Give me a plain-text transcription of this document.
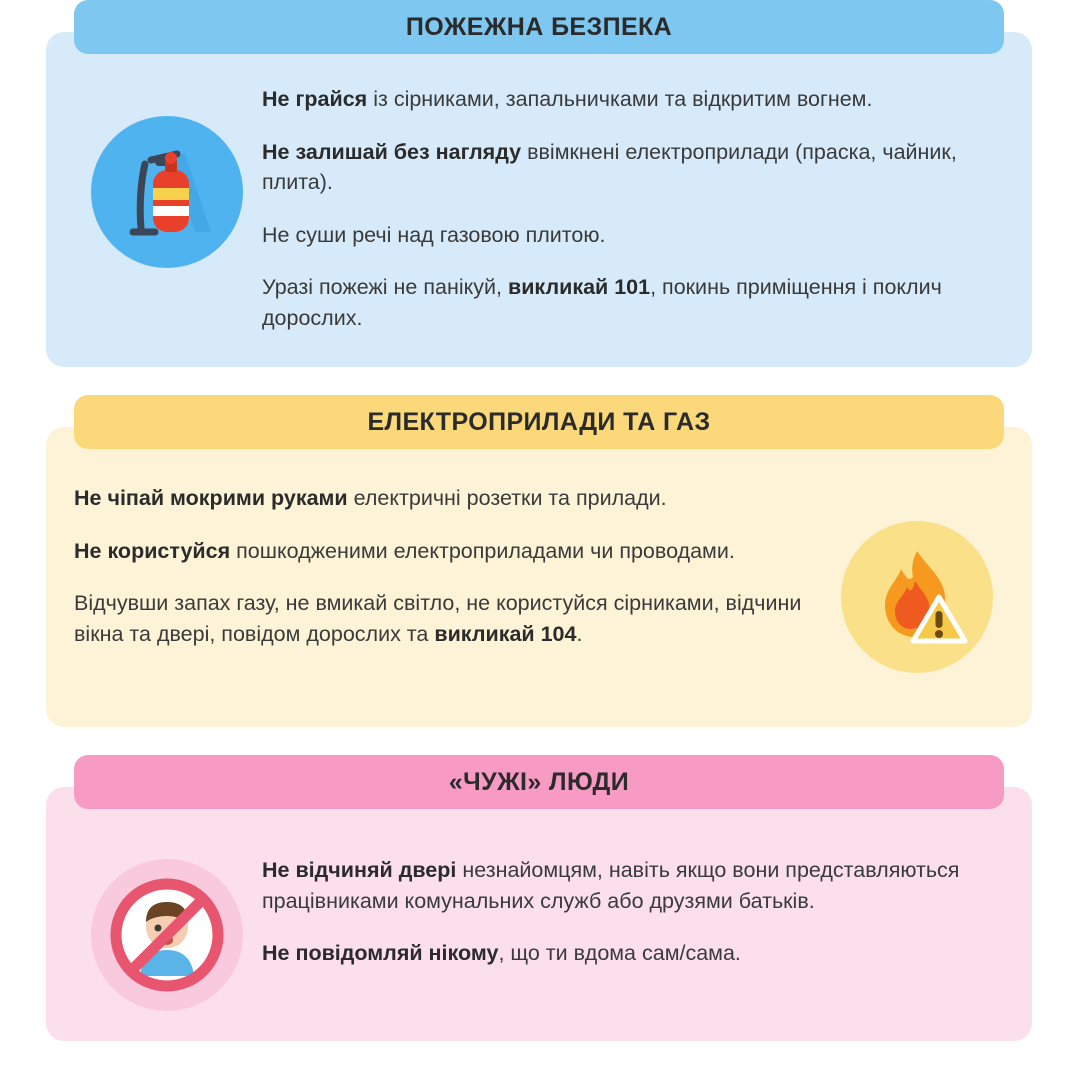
ПОЖЕЖНА БЕЗПЕКА

Не грайся із сірниками, запальничками та відкритим вогнем.

Не залишай без нагляду ввімкнені електроприлади (праска, чайник, плита).

Не суши речі над газовою плитою.

Уразі пожежі не панікуй, викликай 101, покинь приміщення і поклич дорослих.

ЕЛЕКТРОПРИЛАДИ ТА ГАЗ

Не чіпай мокрими руками електричні розетки та прилади.

Не користуйся пошкодженими електроприладами чи проводами.

Відчувши запах газу, не вмикай світло, не користуйся сірниками, відчини вікна та двері, повідом дорослих та викликай 104.

«ЧУЖІ» ЛЮДИ

Не відчиняй двері незнайомцям, навіть якщо вони представляються працівниками комунальних служб або друзями батьків.

Не повідомляй нікому, що ти вдома сам/сама.
